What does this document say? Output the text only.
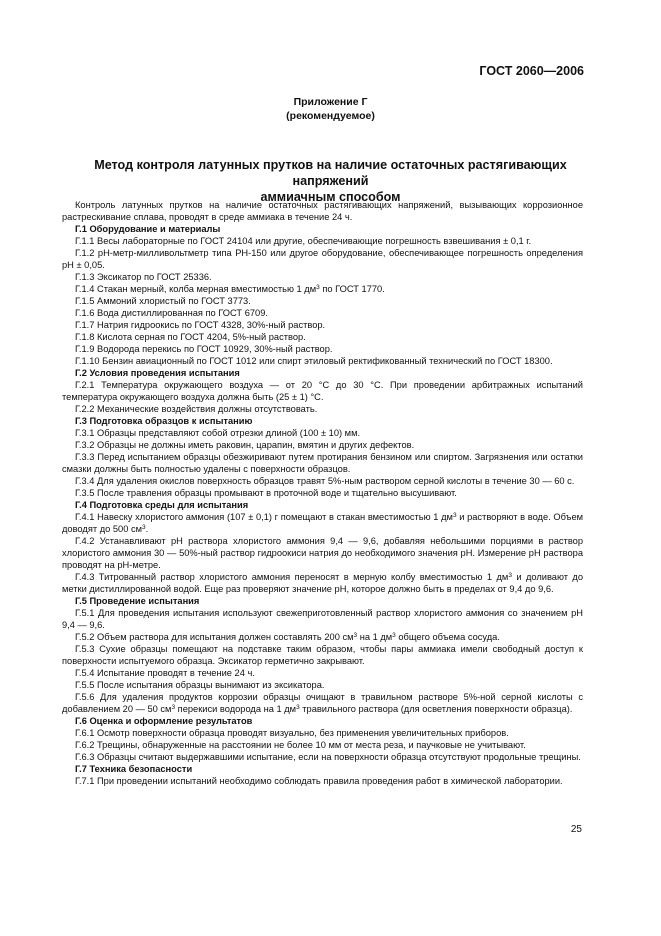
ГОСТ 2060—2006
Приложение Г
(рекомендуемое)
Метод контроля латунных прутков на наличие остаточных растягивающих напряжений
аммиачным способом

Контроль латунных прутков на наличие остаточных растягивающих напряжений, вызывающих коррозионное растрескивание сплава, проводят в среде аммиака в течение 24 ч.

Г.1 Оборудование и материалы

Г.1.1 Весы лабораторные по ГОСТ 24104 или другие, обеспечивающие погрешность взвешивания ± 0,1 г.

Г.1.2 pH-метр-милливольтметр типа PH-150 или другое оборудование, обеспечивающее погрешность определения pH ± 0,05.

Г.1.3 Эксикатор по ГОСТ 25336.

Г.1.4 Стакан мерный, колба мерная вместимостью 1 $дм^3$ по ГОСТ 1770.

Г.1.5 Аммоний хлористый по ГОСТ 3773.

Г.1.6 Вода дистиллированная по ГОСТ 6709.

Г.1.7 Натрия гидроокись по ГОСТ 4328, 30%-ный раствор.

Г.1.8 Кислота серная по ГОСТ 4204, 5%-ный раствор.

Г.1.9 Водорода перекись по ГОСТ 10929, 30%-ный раствор.

Г.1.10 Бензин авиационный по ГОСТ 1012 или спирт этиловый ректификованный технический по ГОСТ 18300.

Г.2 Условия проведения испытания

Г.2.1 Температура окружающего воздуха — от 20 °С до 30 °С. При проведении арбитражных испытаний температура окружающего воздуха должна быть (25 ± 1) °С.

Г.2.2 Механические воздействия должны отсутствовать.

Г.3 Подготовка образцов к испытанию

Г.3.1 Образцы представляют собой отрезки длиной (100 ± 10) мм.

Г.3.2 Образцы не должны иметь раковин, царапин, вмятин и других дефектов.

Г.3.3 Перед испытанием образцы обезжиривают путем протирания бензином или спиртом. Загрязнения или остатки смазки должны быть полностью удалены с поверхности образцов.

Г.3.4 Для удаления окислов поверхность образцов травят 5%-ным раствором серной кислоты в течение 30 — 60 с.

Г.3.5 После травления образцы промывают в проточной воде и тщательно высушивают.

Г.4 Подготовка среды для испытания

Г.4.1 Навеску хлористого аммония (107 ± 0,1) г помещают в стакан вместимостью 1 $дм^3$ и растворяют в воде. Объем доводят до 500 $см^3$.

Г.4.2 Устанавливают pH раствора хлористого аммония 9,4 — 9,6, добавляя небольшими порциями в раствор хлористого аммония 30 — 50%-ный раствор гидроокиси натрия до необходимого значения pH. Измерение pH раствора проводят на pH-метре.

Г.4.3 Титрованный раствор хлористого аммония переносят в мерную колбу вместимостью 1 $дм^3$ и доливают до метки дистиллированной водой. Еще раз проверяют значение pH, которое должно быть в пределах от 9,4 до 9,6.

Г.5 Проведение испытания

Г.5.1 Для проведения испытания используют свежеприготовленный раствор хлористого аммония со значением pH 9,4 — 9,6.

Г.5.2 Объем раствора для испытания должен составлять 200 $см^3$ на 1 $дм^3$ общего объема сосуда.

Г.5.3 Сухие образцы помещают на подставке таким образом, чтобы пары аммиака имели свободный доступ к поверхности испытуемого образца. Эксикатор герметично закрывают.

Г.5.4 Испытание проводят в течение 24 ч.

Г.5.5 После испытания образцы вынимают из эксикатора.

Г.5.6 Для удаления продуктов коррозии образцы очищают в травильном растворе 5%-ной серной кислоты с добавлением 20 — 50 $см^3$ перекиси водорода на 1 $дм^3$ травильного раствора (для осветления поверхности образца).

Г.6 Оценка и оформление результатов

Г.6.1 Осмотр поверхности образца проводят визуально, без применения увеличительных приборов.

Г.6.2 Трещины, обнаруженные на расстоянии не более 10 мм от места реза, и паучковые не учитывают.

Г.6.3 Образцы считают выдержавшими испытание, если на поверхности образца отсутствуют продольные трещины.

Г.7 Техника безопасности

Г.7.1 При проведении испытаний необходимо соблюдать правила проведения работ в химической лаборатории.

25
